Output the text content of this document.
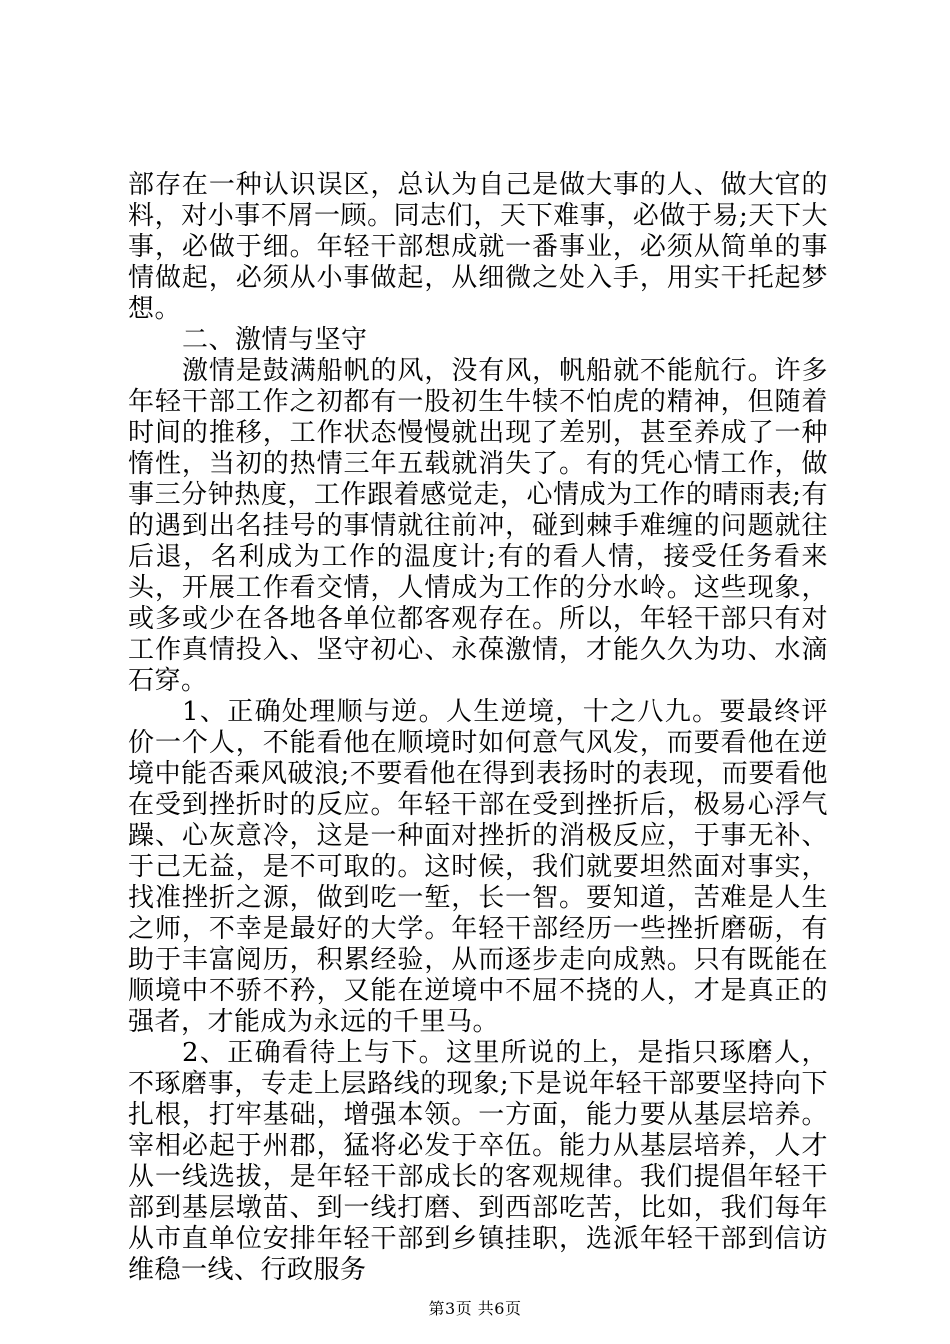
部存在一种认识误区，总认为自己是做大事的人、做大官的料，对小事不屑一顾。同志们，天下难事，必做于易;天下大事，必做于细。年轻干部想成就一番事业，必须从简单的事情做起，必须从小事做起，从细微之处入手，用实干托起梦想。

二、激情与坚守

激情是鼓满船帆的风，没有风，帆船就不能航行。许多年轻干部工作之初都有一股初生牛犊不怕虎的精神，但随着时间的推移，工作状态慢慢就出现了差别，甚至养成了一种惰性，当初的热情三年五载就消失了。有的凭心情工作，做事三分钟热度，工作跟着感觉走，心情成为工作的晴雨表;有的遇到出名挂号的事情就往前冲，碰到棘手难缠的问题就往后退，名利成为工作的温度计;有的看人情，接受任务看来头，开展工作看交情，人情成为工作的分水岭。这些现象，或多或少在各地各单位都客观存在。所以，年轻干部只有对工作真情投入、坚守初心、永葆激情，才能久久为功、水滴石穿。

1、正确处理顺与逆。人生逆境，十之八九。要最终评价一个人，不能看他在顺境时如何意气风发，而要看他在逆境中能否乘风破浪;不要看他在得到表扬时的表现，而要看他在受到挫折时的反应。年轻干部在受到挫折后，极易心浮气躁、心灰意冷，这是一种面对挫折的消极反应，于事无补、于己无益，是不可取的。这时候，我们就要坦然面对事实，找准挫折之源，做到吃一堑，长一智。要知道，苦难是人生之师，不幸是最好的大学。年轻干部经历一些挫折磨砺，有助于丰富阅历，积累经验，从而逐步走向成熟。只有既能在顺境中不骄不矜，又能在逆境中不屈不挠的人，才是真正的强者，才能成为永远的千里马。

2、正确看待上与下。这里所说的上，是指只琢磨人，不琢磨事，专走上层路线的现象;下是说年轻干部要坚持向下扎根，打牢基础，增强本领。一方面，能力要从基层培养。宰相必起于州郡，猛将必发于卒伍。能力从基层培养，人才从一线选拔，是年轻干部成长的客观规律。我们提倡年轻干部到基层墩苗、到一线打磨、到西部吃苦，比如，我们每年从市直单位安排年轻干部到乡镇挂职，选派年轻干部到信访维稳一线、行政服务

第3页 共6页
